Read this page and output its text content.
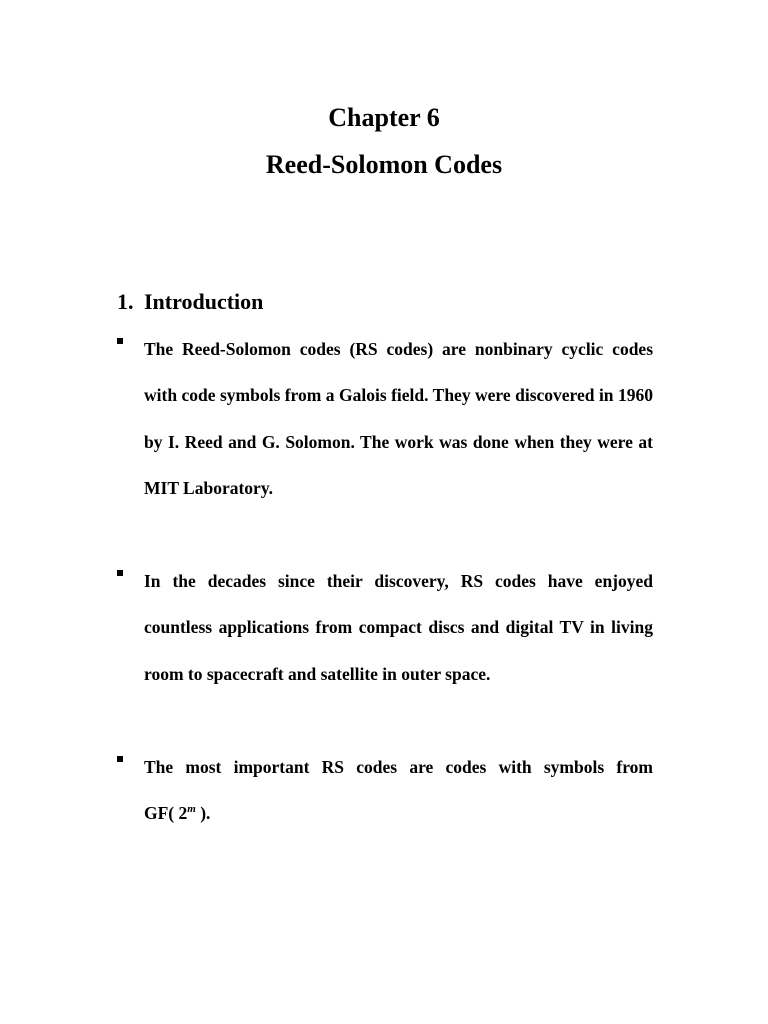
Chapter 6
Reed-Solomon Codes
1. Introduction
The Reed-Solomon codes (RS codes) are nonbinary cyclic codes with code symbols from a Galois field. They were discovered in 1960 by I. Reed and G. Solomon. The work was done when they were at MIT Laboratory.
In the decades since their discovery, RS codes have enjoyed countless applications from compact discs and digital TV in living room to spacecraft and satellite in outer space.
The most important RS codes are codes with symbols from GF( 2$^m$ ).
